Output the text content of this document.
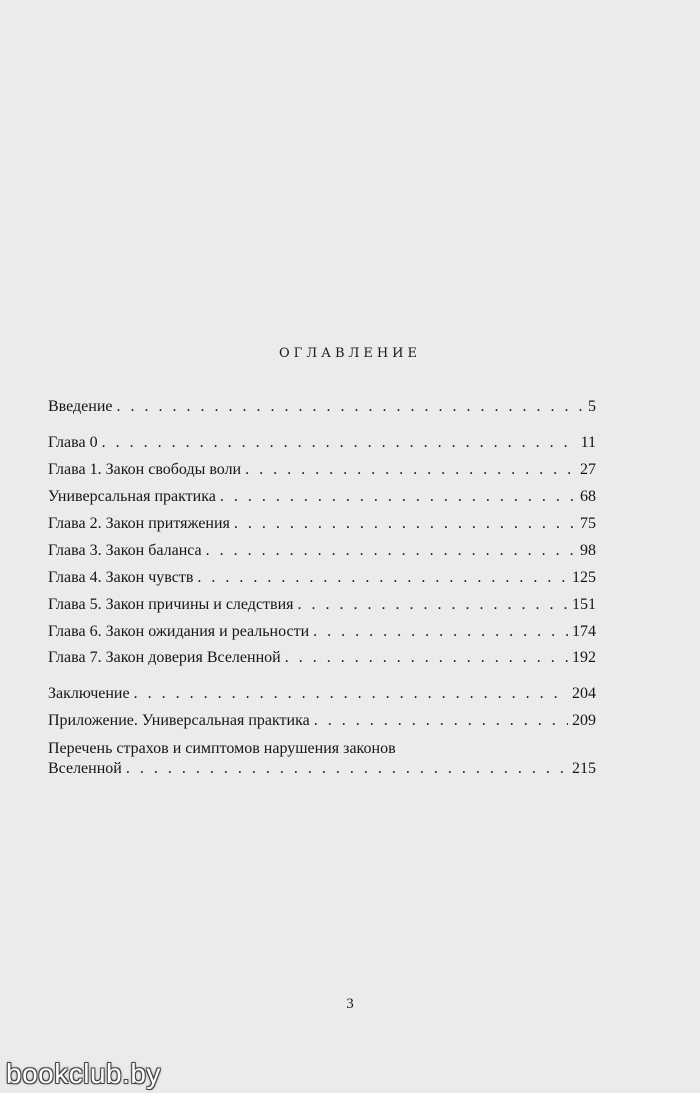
ОГЛАВЛЕНИЕ
Введение . . .	5
Глава 0 . . .	11
Глава 1. Закон свободы воли . . .	27
Универсальная практика . . .	68
Глава 2. Закон притяжения . . .	75
Глава 3. Закон баланса . . .	98
Глава 4. Закон чувств . . .	125
Глава 5. Закон причины и следствия . . .	151
Глава 6. Закон ожидания и реальности . . .	174
Глава 7. Закон доверия Вселенной . . .	192
Заключение . . .	204
Приложение. Универсальная практика . . .	209
Перечень страхов и симптомов нарушения законов
Вселенной . . .	215
3
bookclub.by
